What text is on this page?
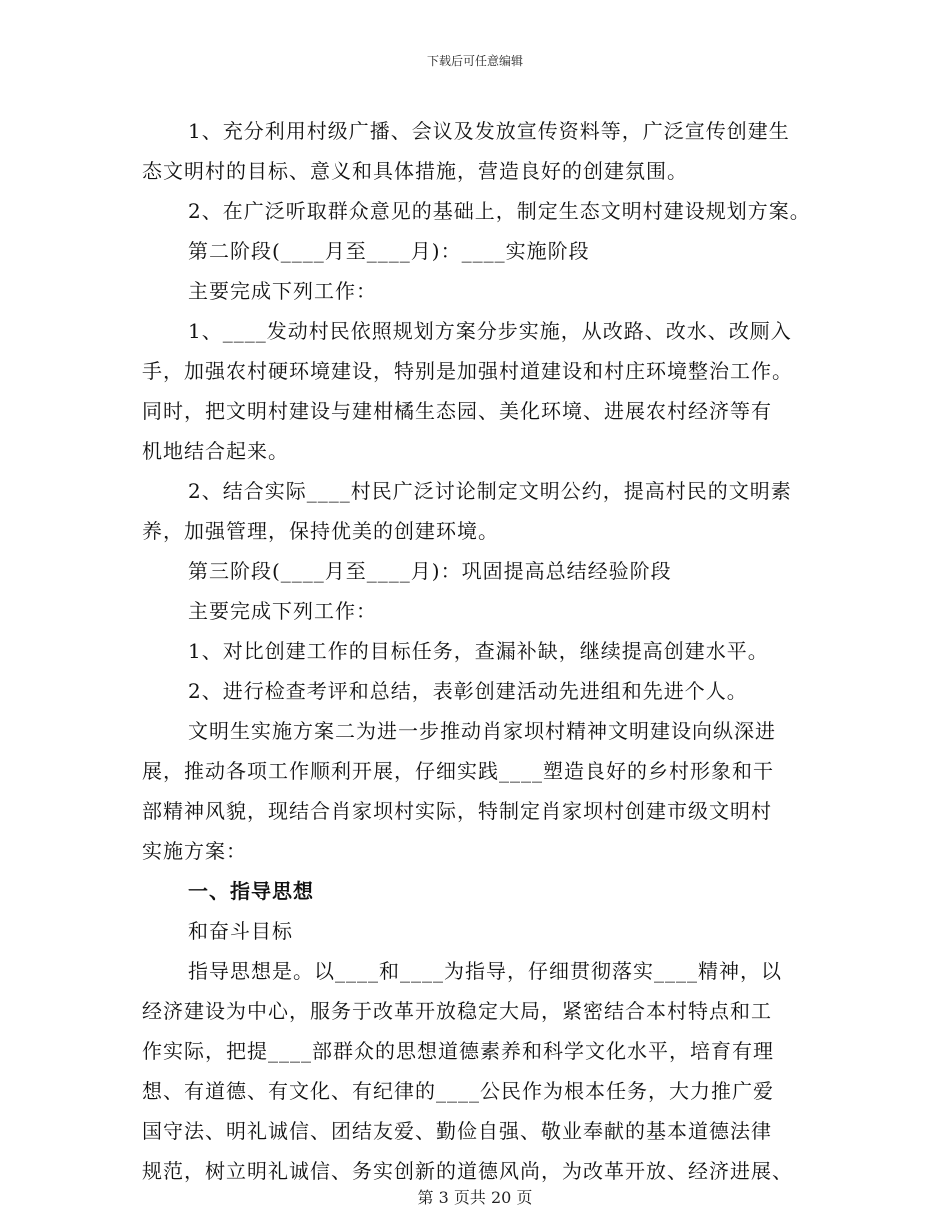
下载后可任意编辑
1、充分利用村级广播、会议及发放宣传资料等，广泛宣传创建生
态文明村的目标、意义和具体措施，营造良好的创建氛围。
2、在广泛听取群众意见的基础上，制定生态文明村建设规划方案。
第二阶段(____月至____月)：____实施阶段
主要完成下列工作：
1、____发动村民依照规划方案分步实施，从改路、改水、改厕入
手，加强农村硬环境建设，特别是加强村道建设和村庄环境整治工作。
同时，把文明村建设与建柑橘生态园、美化环境、进展农村经济等有
机地结合起来。
2、结合实际____村民广泛讨论制定文明公约，提高村民的文明素
养，加强管理，保持优美的创建环境。
第三阶段(____月至____月)：巩固提高总结经验阶段
主要完成下列工作：
1、对比创建工作的目标任务，查漏补缺，继续提高创建水平。
2、进行检查考评和总结，表彰创建活动先进组和先进个人。
文明生实施方案二为进一步推动肖家坝村精神文明建设向纵深进
展，推动各项工作顺利开展，仔细实践____塑造良好的乡村形象和干
部精神风貌，现结合肖家坝村实际，特制定肖家坝村创建市级文明村
实施方案：
一、指导思想
和奋斗目标
指导思想是。以____和____为指导，仔细贯彻落实____精神，以
经济建设为中心，服务于改革开放稳定大局，紧密结合本村特点和工
作实际，把提____部群众的思想道德素养和科学文化水平，培育有理
想、有道德、有文化、有纪律的____公民作为根本任务，大力推广爱
国守法、明礼诚信、团结友爱、勤俭自强、敬业奉献的基本道德法律
规范，树立明礼诚信、务实创新的道德风尚，为改革开放、经济进展、
第 3 页共 20 页
